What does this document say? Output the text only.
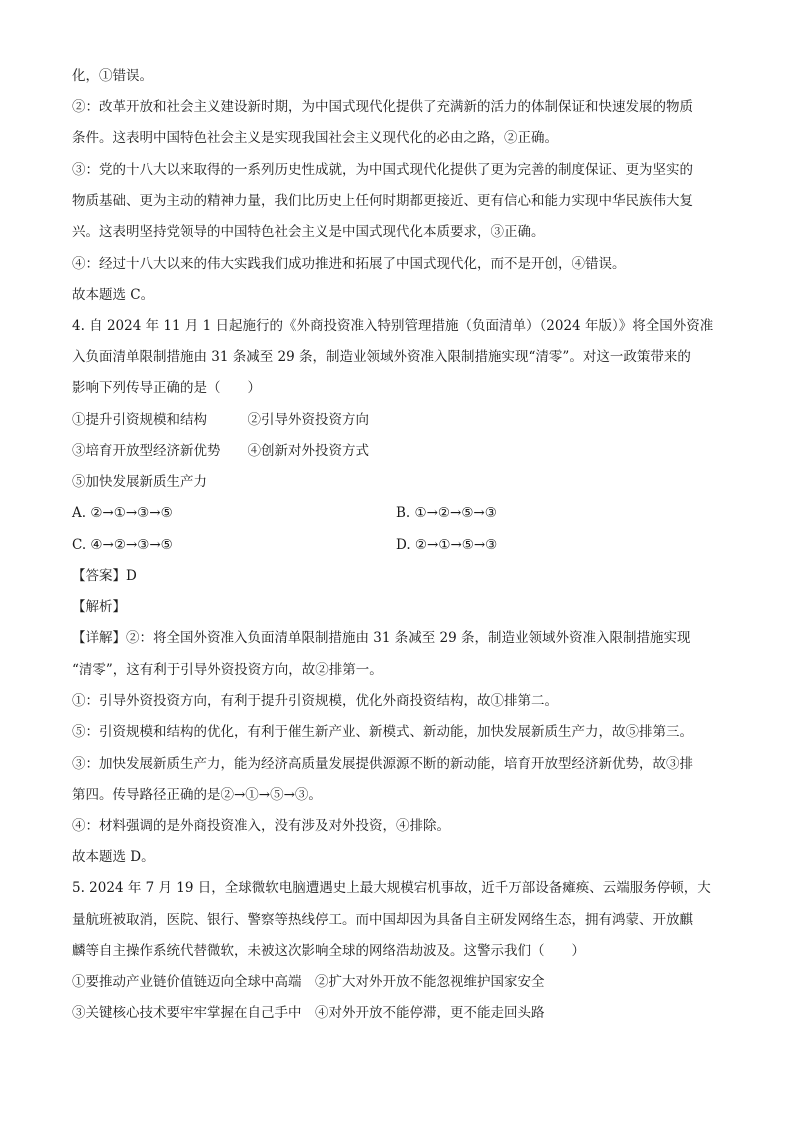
化，①错误。
②：改革开放和社会主义建设新时期，为中国式现代化提供了充满新的活力的体制保证和快速发展的物质
条件。这表明中国特色社会主义是实现我国社会主义现代化的必由之路，②正确。
③：党的十八大以来取得的一系列历史性成就，为中国式现代化提供了更为完善的制度保证、更为坚实的
物质基础、更为主动的精神力量，我们比历史上任何时期都更接近、更有信心和能力实现中华民族伟大复
兴。这表明坚持党领导的中国特色社会主义是中国式现代化本质要求，③正确。
④：经过十八大以来的伟大实践我们成功推进和拓展了中国式现代化，而不是开创，④错误。
故本题选 C。
4. 自 2024 年 11 月 1 日起施行的《外商投资准入特别管理措施（负面清单）（2024 年版）》将全国外资准
入负面清单限制措施由 31 条减至 29 条，制造业领域外资准入限制措施实现“清零”。对这一政策带来的
影响下列传导正确的是（　　）
①提升引资规模和结构　　　②引导外资投资方向
③培育开放型经济新优势　　④创新对外投资方式
⑤加快发展新质生产力
A. ②→①→③→⑤	B. ①→②→⑤→③
C. ④→②→③→⑤	D. ②→①→⑤→③
【答案】D
【解析】
【详解】②：将全国外资准入负面清单限制措施由 31 条减至 29 条，制造业领域外资准入限制措施实现
“清零”，这有利于引导外资投资方向，故②排第一。
①：引导外资投资方向，有利于提升引资规模，优化外商投资结构，故①排第二。
⑤：引资规模和结构的优化，有利于催生新产业、新模式、新动能，加快发展新质生产力，故⑤排第三。
③：加快发展新质生产力，能为经济高质量发展提供源源不断的新动能，培育开放型经济新优势，故③排
第四。传导路径正确的是②→①→⑤→③。
④：材料强调的是外商投资准入，没有涉及对外投资，④排除。
故本题选 D。
5. 2024 年 7 月 19 日，全球微软电脑遭遇史上最大规模宕机事故，近千万部设备瘫痪、云端服务停顿，大
量航班被取消，医院、银行、警察等热线停工。而中国却因为具备自主研发网络生态，拥有鸿蒙、开放麒
麟等自主操作系统代替微软，未被这次影响全球的网络浩劫波及。这警示我们（　　）
①要推动产业链价值链迈向全球中高端　②扩大对外开放不能忽视维护国家安全
③关键核心技术要牢牢掌握在自己手中　④对外开放不能停滞，更不能走回头路
